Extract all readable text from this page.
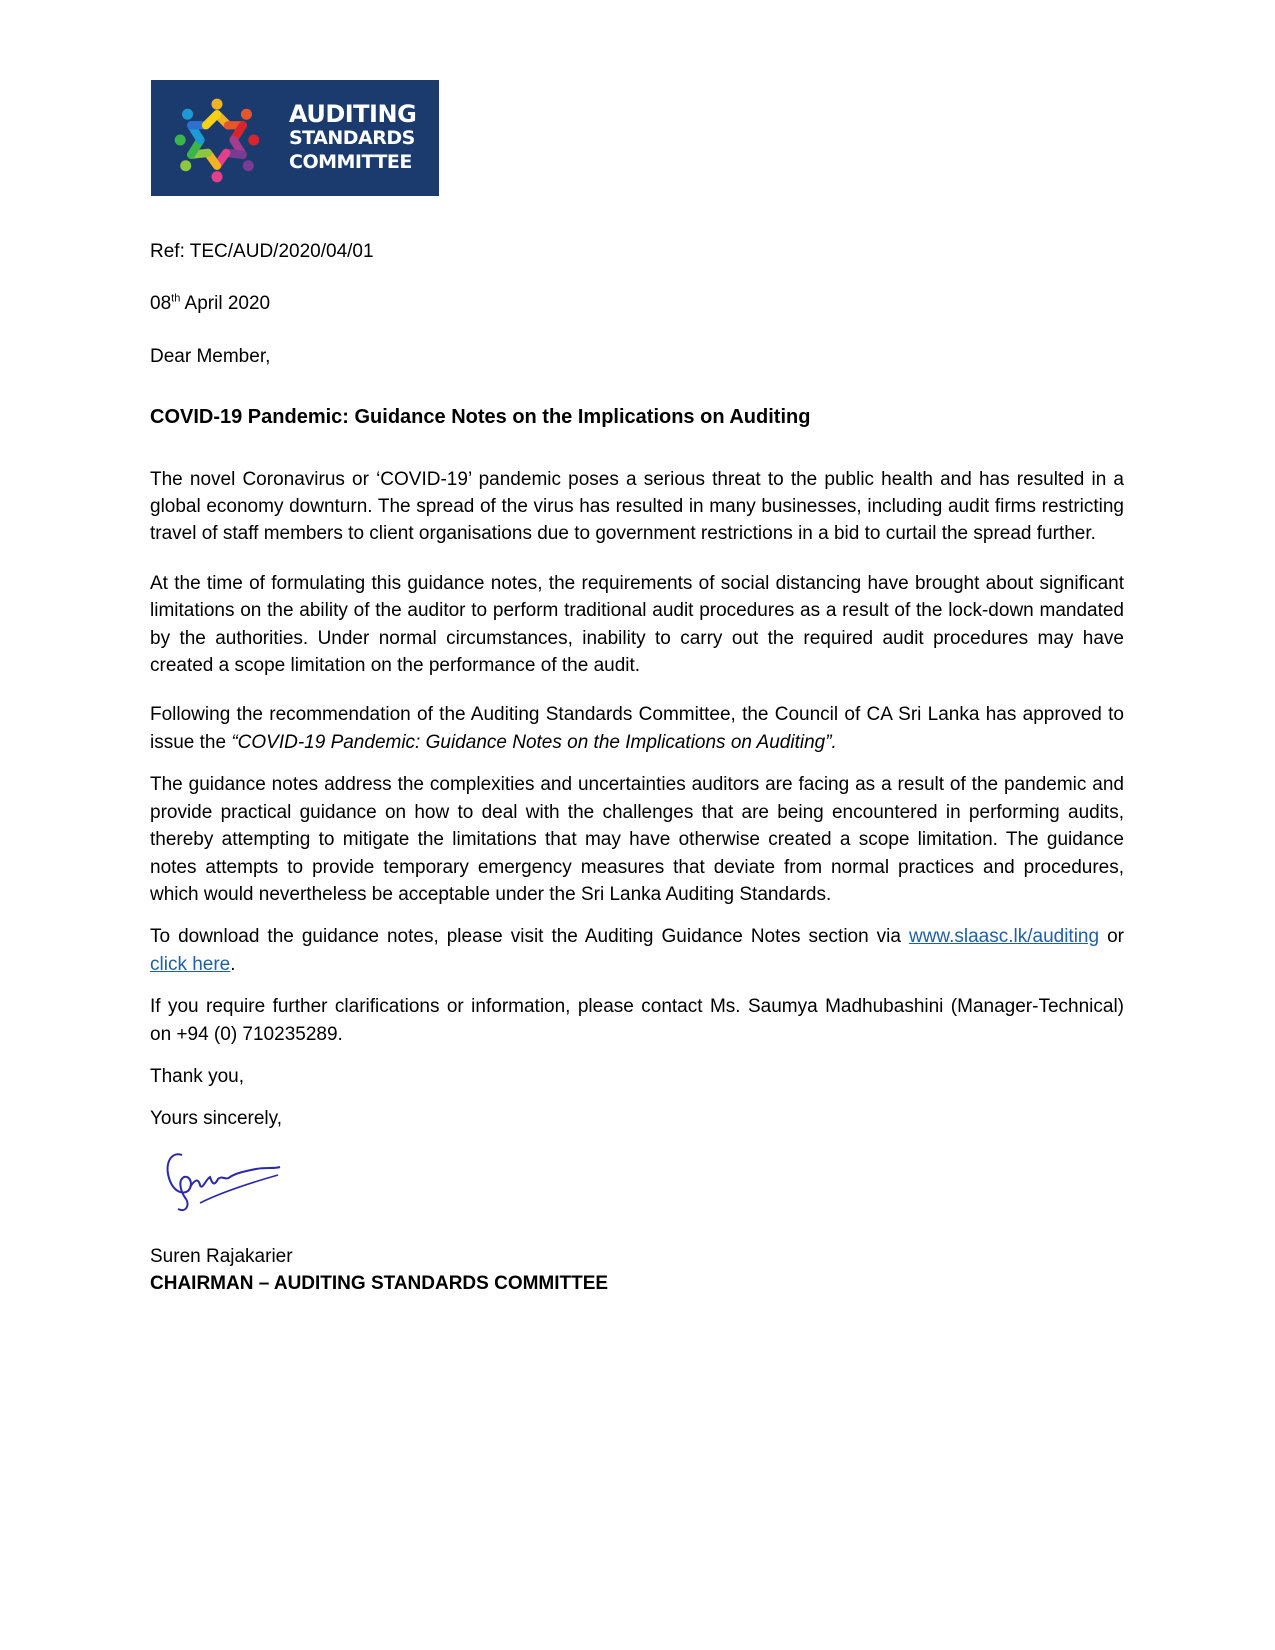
AUDITING
STANDARDS
COMMITTEE

Ref: TEC/AUD/2020/04/01

08th April 2020

Dear Member,

COVID-19 Pandemic: Guidance Notes on the Implications on Auditing

The novel Coronavirus or ‘COVID-19’ pandemic poses a serious threat to the public health and has resulted in a global economy downturn. The spread of the virus has resulted in many businesses, including audit firms restricting travel of staff members to client organisations due to government restrictions in a bid to curtail the spread further.

At the time of formulating this guidance notes, the requirements of social distancing have brought about significant limitations on the ability of the auditor to perform traditional audit procedures as a result of the lock-down mandated by the authorities. Under normal circumstances, inability to carry out the required audit procedures may have created a scope limitation on the performance of the audit.

Following the recommendation of the Auditing Standards Committee, the Council of CA Sri Lanka has approved to issue the “COVID-19 Pandemic: Guidance Notes on the Implications on Auditing”.

The guidance notes address the complexities and uncertainties auditors are facing as a result of the pandemic and provide practical guidance on how to deal with the challenges that are being encountered in performing audits, thereby attempting to mitigate the limitations that may have otherwise created a scope limitation. The guidance notes attempts to provide temporary emergency measures that deviate from normal practices and procedures, which would nevertheless be acceptable under the Sri Lanka Auditing Standards.

To download the guidance notes, please visit the Auditing Guidance Notes section via www.slaasc.lk/auditing or click here.

If you require further clarifications or information, please contact Ms. Saumya Madhubashini (Manager-Technical) on +94 (0) 710235289.

Thank you,

Yours sincerely,

Suren Rajakarier

CHAIRMAN – AUDITING STANDARDS COMMITTEE
